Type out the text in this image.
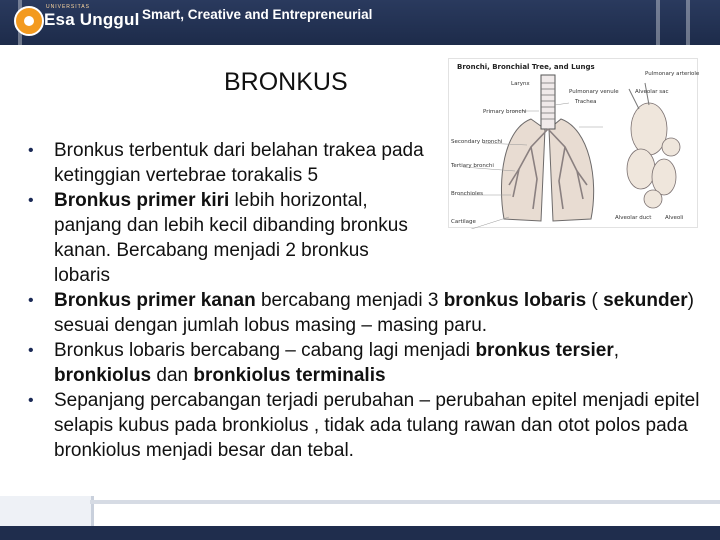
UNIVERSITAS
Esa Unggul Smart, Creative and Entrepreneurial
BRONKUS
Bronchi, Bronchial Tree, and Lungs
Larynx
Trachea
Primary bronchi
Pulmonary arteriole
Pulmonary venule	Alveolar sac
Secondary bronchi
Tertiary bronchi
Bronchioles
Cartilage
Alveolar duct Alveoli
• Bronkus terbentuk dari belahan trakea pada ketinggian vertebrae torakalis 5
• Bronkus primer kiri lebih horizontal, panjang dan lebih kecil dibanding bronkus kanan. Bercabang menjadi 2 bronkus lobaris
• Bronkus primer kanan bercabang menjadi 3 bronkus lobaris ( sekunder) sesuai dengan jumlah lobus masing – masing paru.
• Bronkus lobaris bercabang – cabang lagi menjadi bronkus tersier, bronkiolus dan bronkiolus terminalis
• Sepanjang percabangan terjadi perubahan – perubahan epitel menjadi epitel selapis kubus pada bronkiolus , tidak ada tulang rawan dan otot polos pada bronkiolus menjadi besar dan tebal.
